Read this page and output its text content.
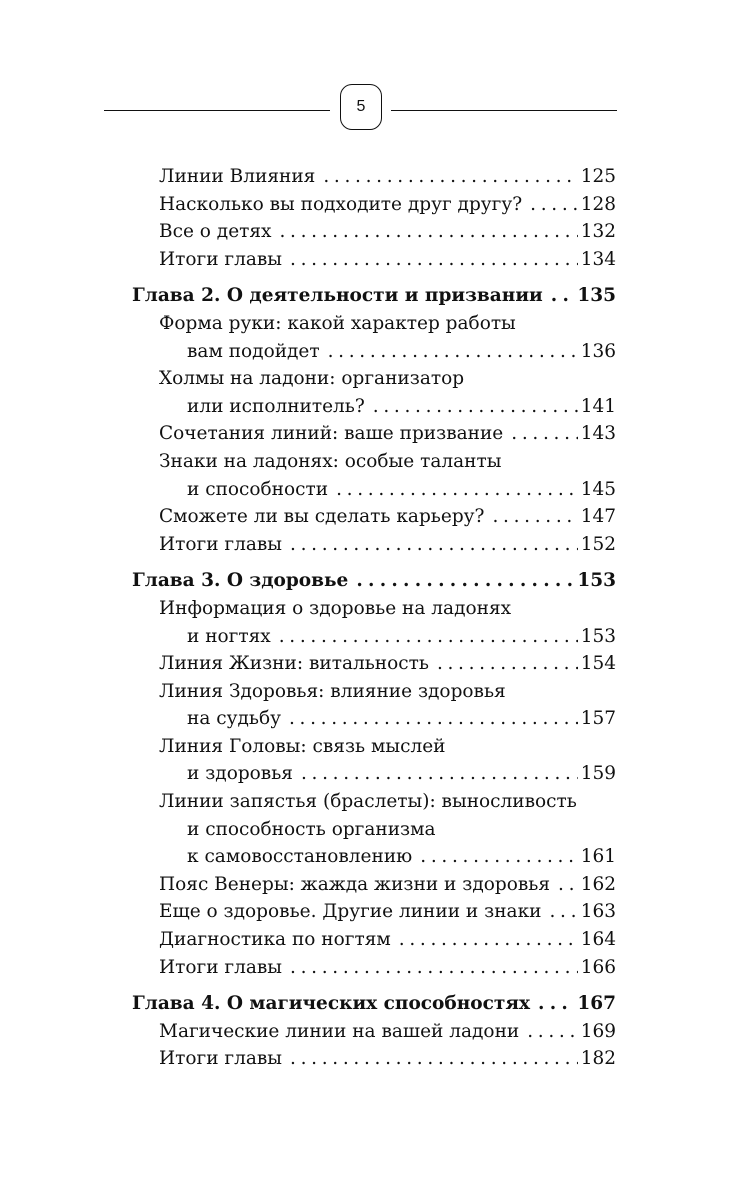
5
Линии Влияния . . .	125
Насколько вы подходите друг другу? . . .	128
Все о детях . . .	132
Итоги главы . . .	134
Глава 2. О деятельности и призвании . . . 135
Форма руки: какой характер работы
вам подойдет . . .	136
Холмы на ладони: организатор
или исполнитель? . . .	141
Сочетания линий: ваше призвание . . .	143
Знаки на ладонях: особые таланты
и способности . . .	145
Сможете ли вы сделать карьеру? . . .	147
Итоги главы . . .	152
Глава 3. О здоровье . . .	153
Информация о здоровье на ладонях
и ногтях . . .	153
Линия Жизни: витальность . . .	154
Линия Здоровья: влияние здоровья
на судьбу . . .	157
Линия Головы: связь мыслей
и здоровья . . .	159
Линии запястья (браслеты): выносливость
и способность организма
к самовосстановлению . . .	161
Пояс Венеры: жажда жизни и здоровья . . . 162
Еще о здоровье. Другие линии и знаки . . . 163
Диагностика по ногтям . . .	164
Итоги главы . . .	166
Глава 4. О магических способностях . . .	167
Магические линии на вашей ладони . . .	169
Итоги главы . . .	182
